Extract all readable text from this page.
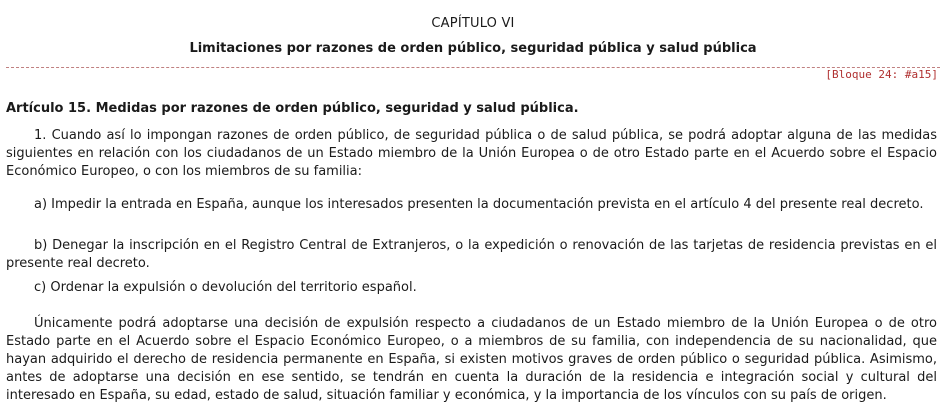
CAPÍTULO VI
Limitaciones por razones de orden público, seguridad pública y salud pública
[Bloque 24: #a15]
Artículo 15. Medidas por razones de orden público, seguridad y salud pública.
1. Cuando así lo impongan razones de orden público, de seguridad pública o de salud pública, se podrá adoptar alguna de las medidas siguientes en relación con los ciudadanos de un Estado miembro de la Unión Europea o de otro Estado parte en el Acuerdo sobre el Espacio Económico Europeo, o con los miembros de su familia:
a) Impedir la entrada en España, aunque los interesados presenten la documentación prevista en el artículo 4 del presente real decreto.
b) Denegar la inscripción en el Registro Central de Extranjeros, o la expedición o renovación de las tarjetas de residencia previstas en el presente real decreto.
c) Ordenar la expulsión o devolución del territorio español.
Únicamente podrá adoptarse una decisión de expulsión respecto a ciudadanos de un Estado miembro de la Unión Europea o de otro Estado parte en el Acuerdo sobre el Espacio Económico Europeo, o a miembros de su familia, con independencia de su nacionalidad, que hayan adquirido el derecho de residencia permanente en España, si existen motivos graves de orden público o seguridad pública. Asimismo, antes de adoptarse una decisión en ese sentido, se tendrán en cuenta la duración de la residencia e integración social y cultural del interesado en España, su edad, estado de salud, situación familiar y económica, y la importancia de los vínculos con su país de origen.
